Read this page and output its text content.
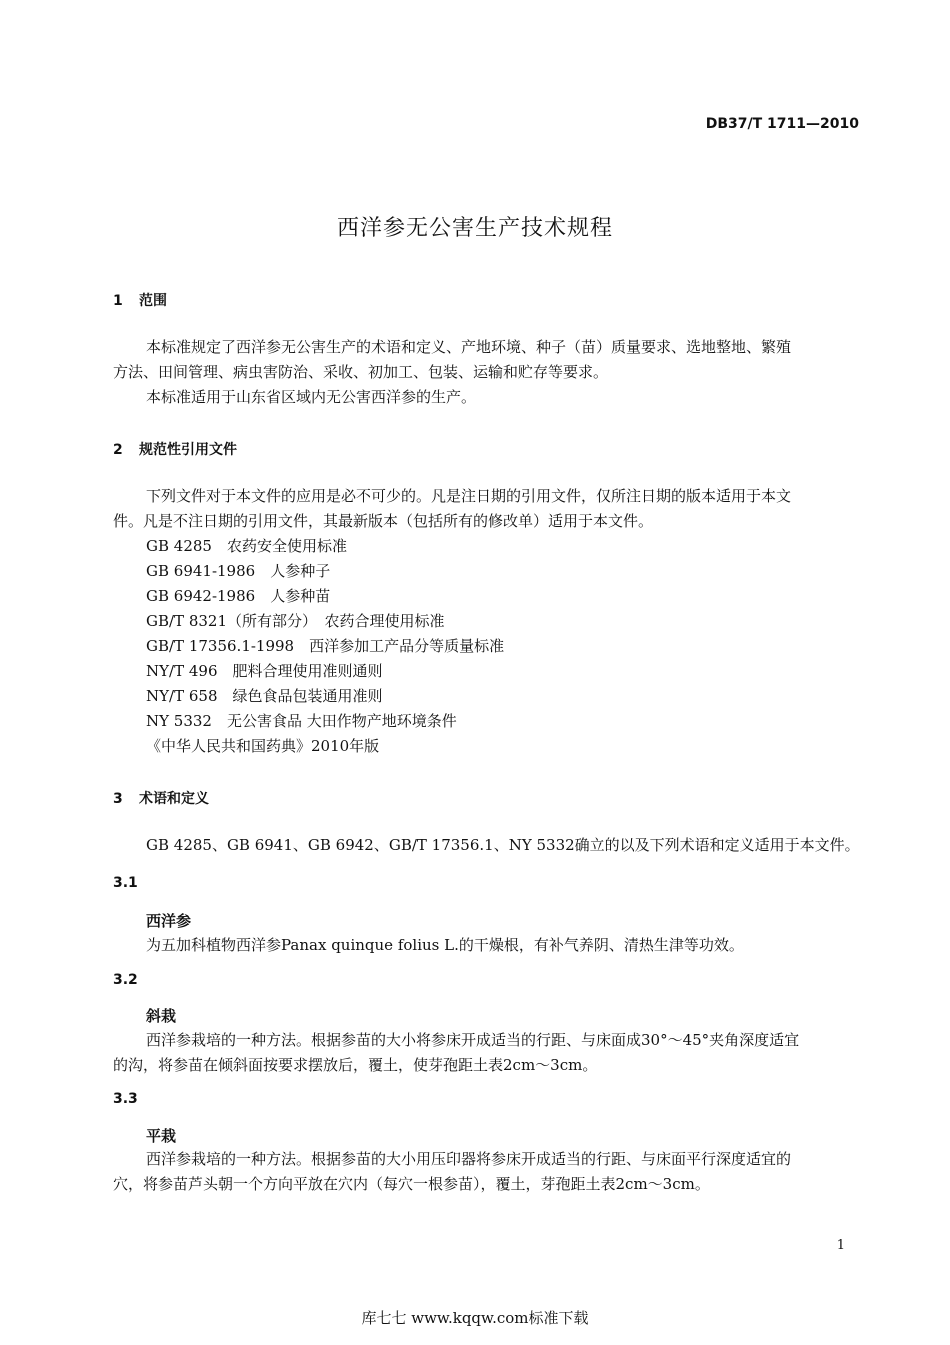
DB37/T 1711—2010
西洋参无公害生产技术规程
1 范围
本标准规定了西洋参无公害生产的术语和定义、产地环境、种子（苗）质量要求、选地整地、繁殖
方法、田间管理、病虫害防治、采收、初加工、包装、运输和贮存等要求。
本标准适用于山东省区域内无公害西洋参的生产。
2 规范性引用文件
下列文件对于本文件的应用是必不可少的。凡是注日期的引用文件，仅所注日期的版本适用于本文
件。凡是不注日期的引用文件，其最新版本（包括所有的修改单）适用于本文件。
GB 4285　农药安全使用标准
GB 6941-1986　人参种子
GB 6942-1986　人参种苗
GB/T 8321（所有部分）　农药合理使用标准
GB/T 17356.1-1998　西洋参加工产品分等质量标准
NY/T 496　肥料合理使用准则通则
NY/T 658　绿色食品包装通用准则
NY 5332　无公害食品 大田作物产地环境条件
《中华人民共和国药典》2010年版
3 术语和定义
GB 4285、GB 6941、GB 6942、GB/T 17356.1、NY 5332确立的以及下列术语和定义适用于本文件。
3.1
西洋参
为五加科植物西洋参Panax quinque folius L.的干燥根，有补气养阴、清热生津等功效。
3.2
斜栽
西洋参栽培的一种方法。根据参苗的大小将参床开成适当的行距、与床面成30°～45°夹角深度适宜
的沟，将参苗在倾斜面按要求摆放后，覆土，使芽孢距土表2cm～3cm。
3.3
平栽
西洋参栽培的一种方法。根据参苗的大小用压印器将参床开成适当的行距、与床面平行深度适宜的
穴，将参苗芦头朝一个方向平放在穴内（每穴一根参苗），覆土，芽孢距土表2cm～3cm。
1
库七七 www.kqqw.com标准下载
